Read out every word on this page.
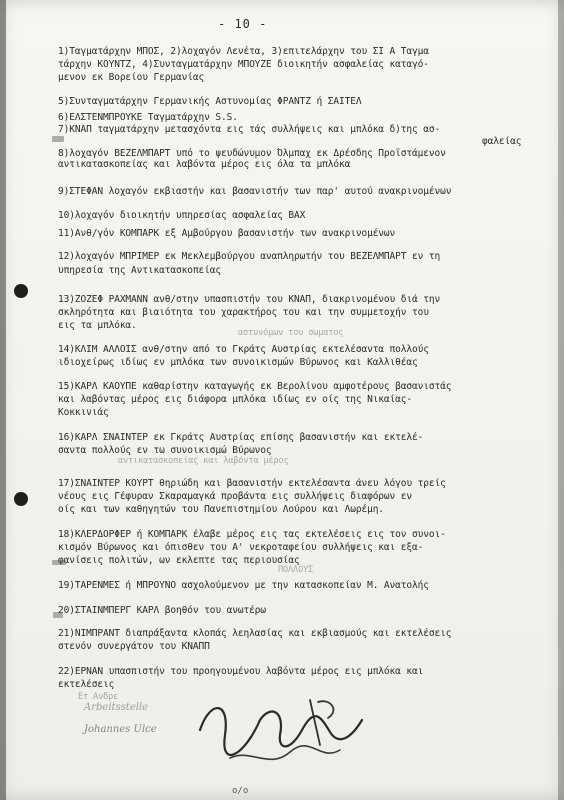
- 10 -
1)Ταγματάρχην ΜΠΟΣ, 2)λοχαγόν Λενέτα, 3)επιτελάρχην του ΣΙ Α Ταγμα
τάρχην ΚΟΥΝΤΖ, 4)Συνταγματάρχην ΜΠΟΥΖΕ διοικητήν ασφαλείας καταγό-
μενον εκ Βορείου Γερμανίας
5)Συνταγματάρχην Γερμανικής Αστυνομίας ΦΡΑΝΤΖ ή ΣΑΙΤΕΛ
6)ΕΛΣΤΕΝΜΠΡΟΥΚΕ Ταγματάρχην S.S.
7)ΚΝΑΠ ταγματάρχην μετασχόντα εις τάς συλλήψεις και μπλόκα δ)της ασ-
φαλείας
8)λοχαγόν ΒΕΖΕΛΜΠΑΡΤ υπό το ψευδώνυμον Όλμπαχ εκ Δρέσδης Προϊστάμενον
αντικατασκοπείας και λαβόντα μέρος εις όλα τα μπλόκα
9)ΣΤΕΦΑΝ λοχαγόν εκβιαστήν και βασανιστήν των παρ' αυτού ανακρινομένων
10)λοχαγόν διοικητήν υπηρεσίας ασφαλείας ΒΑΧ
11)Ανθ/γόν ΚΟΜΠΑΡΚ εξ Αμβούργου βασανιστήν των ανακρινομένων
12)λοχαγόν ΜΠΡΙΜΕΡ εκ Μεκλεμβούργου αναπληρωτήν του ΒΕΖΕΛΜΠΑΡΤ εν τη
υπηρεσία της Αντικατασκοπείας
13)ΖΟΖΕΦ ΡΑΧΜΑΝΝ ανθ/στην υπασπιστήν του ΚΝΑΠ, διακρινομένου διά την
σκληρότητα και βιαιότητα του χαρακτήρος του και την συμμετοχήν του
εις τα μπλόκα.
αστυνόμων του σωματος
14)ΚΛΙΜ ΑΛΛΟΙΣ ανθ/στην από το Γκράτς Αυστρίας εκτελέσαντα πολλούς
ιδιοχείρως ιδίως εν μπλόκα των συνοικισμών Βύρωνος και Καλλιθέας
15)ΚΑΡΛ ΚΑΟΥΠΕ καθαρίστην καταγωγής εκ Βερολίνου αμφοτέρους βασανιστάς
και λαβόντας μέρος εις διάφορα μπλόκα ιδίως εν οίς της Νικαίας-
Κοκκινιάς
16)ΚΑΡΛ ΣΝΑΙΝΤΕΡ εκ Γκράτς Αυστρίας επίσης βασανιστήν και εκτελέ-
σαντα πολλούς εν τω συνοικισμώ Βύρωνος
αντικατασκοπείας και λαβόντα μέρος
17)ΣΝΑΙΝΤΕΡ ΚΟΥΡΤ θηριώδη και βασανιστήν εκτελέσαντα άνευ λόγου τρείς
νέους εις Γέφυραν Σκαραμαγκά προβάντα εις συλλήψεις διαφόρων εν
οίς και των καθηγητών του Πανεπιστημίου Λούρου και Λωρέμη.
18)ΚΛΕΡΔΟΡΦΕΡ ή ΚΟΜΠΑΡΚ έλαβε μέρος εις τας εκτελέσεις εις τον συνοι-
κισμόν Βύρωνος και όπισθεν του Α' νεκροταφείου συλλήψεις και εξα-
φανίσεις πολιτών, ων εκλεπτε τας περιουσίας
ΠΟΛΛΟΥΣ
19)ΤΑΡΕΝΜΕΣ ή ΜΠΡΟΥΝΟ ασχολούμενον με την κατασκοπείαν Μ. Ανατολής
20)ΣΤΑΙΝΜΠΕΡΓ ΚΑΡΛ βοηθόν του ανωτέρω
21)ΝΙΜΠΡΑΝΤ διαπράξαντα κλοπάς λεηλασίας και εκβιασμούς και εκτελέσεις
στενόν συνεργάτον του ΚΝΑΠΠ
22)ΕΡΝΑΝ υπασπιστήν του προηγουμένου λαβόντα μέρος εις μπλόκα και
εκτελέσεις
Ετ Ανδρε
Johannes Ulce
Arbeitsstelle
o/o
